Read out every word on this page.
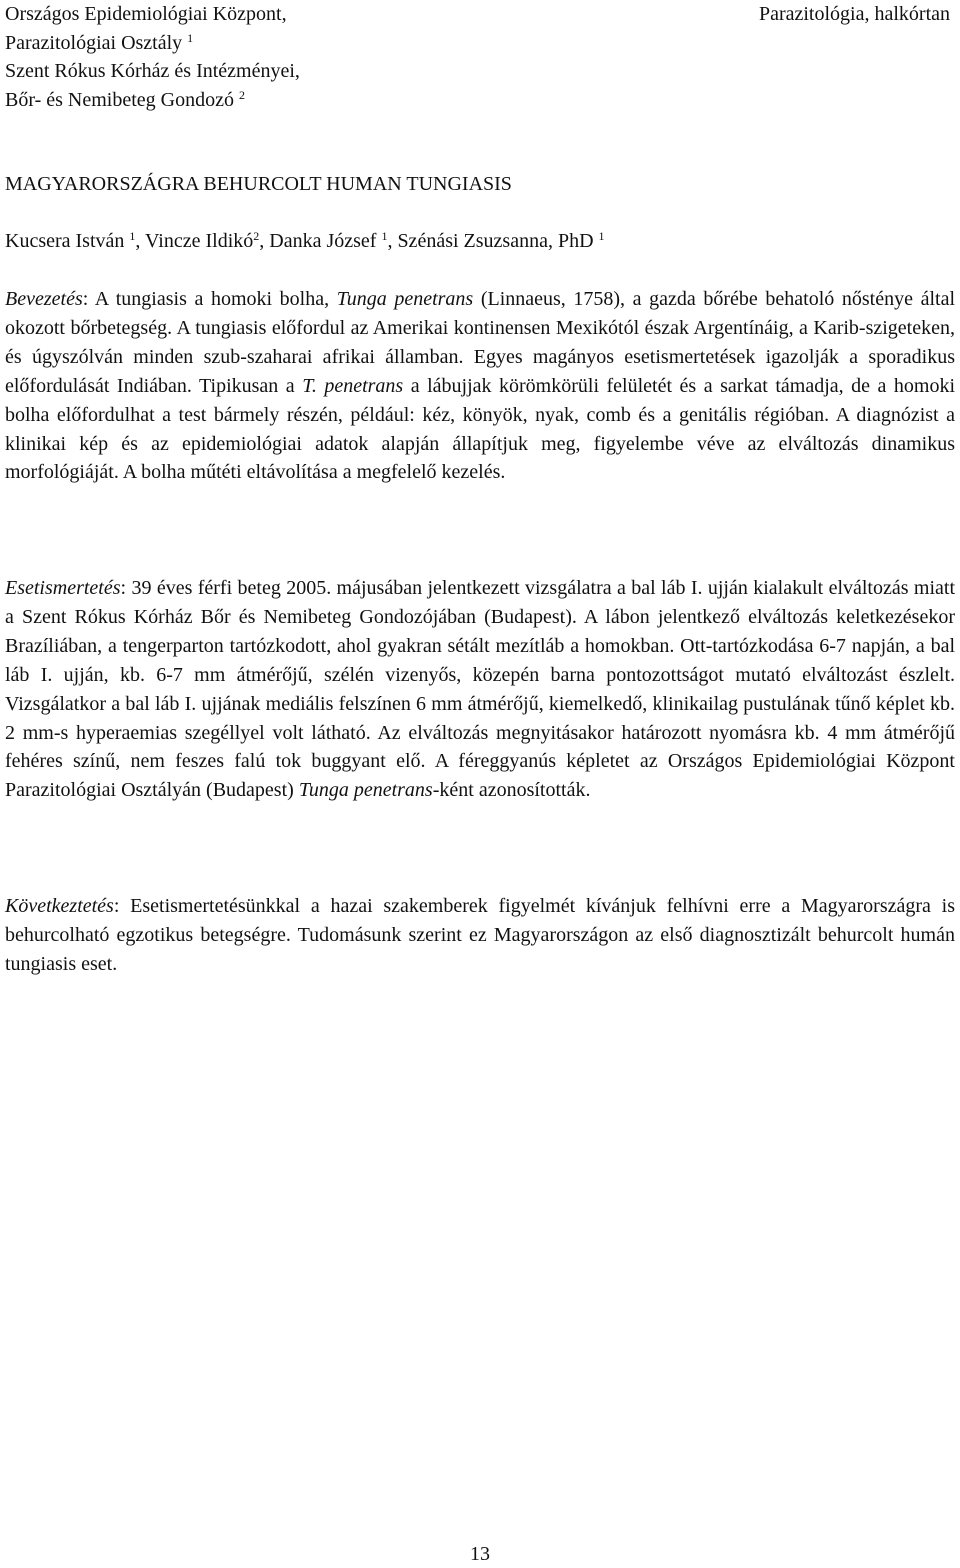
Országos Epidemiológiai Központ,
Parazitológiai Osztály $^1$
Szent Rókus Kórház és Intézményei,
Bőr- és Nemibeteg Gondozó $^2$
Parazitológia, halkórtan
MAGYARORSZÁGRA BEHURCOLT HUMAN TUNGIASIS
Kucsera István $^1$, Vincze Ildikó$^2$, Danka József $^1$, Szénási Zsuzsanna, PhD $^1$

Bevezetés: A tungiasis a homoki bolha, Tunga penetrans (Linnaeus, 1758), a gazda bőrébe behatoló nősténye által okozott bőrbetegség. A tungiasis előfordul az Amerikai kontinensen Mexikótól észak Argentínáig, a Karib-szigeteken, és úgyszólván minden szub-szaharai afrikai államban. Egyes magányos esetismertetések igazolják a sporadikus előfordulását Indiában. Tipikusan a T. penetrans a lábujjak körömkörüli felületét és a sarkat támadja, de a homoki bolha előfordulhat a test bármely részén, például: kéz, könyök, nyak, comb és a genitális régióban. A diagnózist a klinikai kép és az epidemiológiai adatok alapján állapítjuk meg, figyelembe véve az elváltozás dinamikus morfológiáját. A bolha műtéti eltávolítása a megfelelő kezelés.

Esetismertetés: 39 éves férfi beteg 2005. májusában jelentkezett vizsgálatra a bal láb I. ujján kialakult elváltozás miatt a Szent Rókus Kórház Bőr és Nemibeteg Gondozójában (Budapest). A lábon jelentkező elváltozás keletkezésekor Brazíliában, a tengerparton tartózkodott, ahol gyakran sétált mezítláb a homokban. Ott-tartózkodása 6-7 napján, a bal láb I. ujján, kb. 6-7 mm átmérőjű, szélén vizenyős, közepén barna pontozottságot mutató elváltozást észlelt. Vizsgálatkor a bal láb I. ujjának mediális felszínen 6 mm átmérőjű, kiemelkedő, klinikailag pustulának tűnő képlet kb. 2 mm-s hyperaemias szegéllyel volt látható. Az elváltozás megnyitásakor határozott nyomásra kb. 4 mm átmérőjű fehéres színű, nem feszes falú tok buggyant elő. A féreggyanús képletet az Országos Epidemiológiai Központ Parazitológiai Osztályán (Budapest) Tunga penetrans-ként azonosították.

Következtetés: Esetismertetésünkkal a hazai szakemberek figyelmét kívánjuk felhívni erre a Magyarországra is behurcolható egzotikus betegségre. Tudomásunk szerint ez Magyarországon az első diagnosztizált behurcolt humán tungiasis eset.

13
